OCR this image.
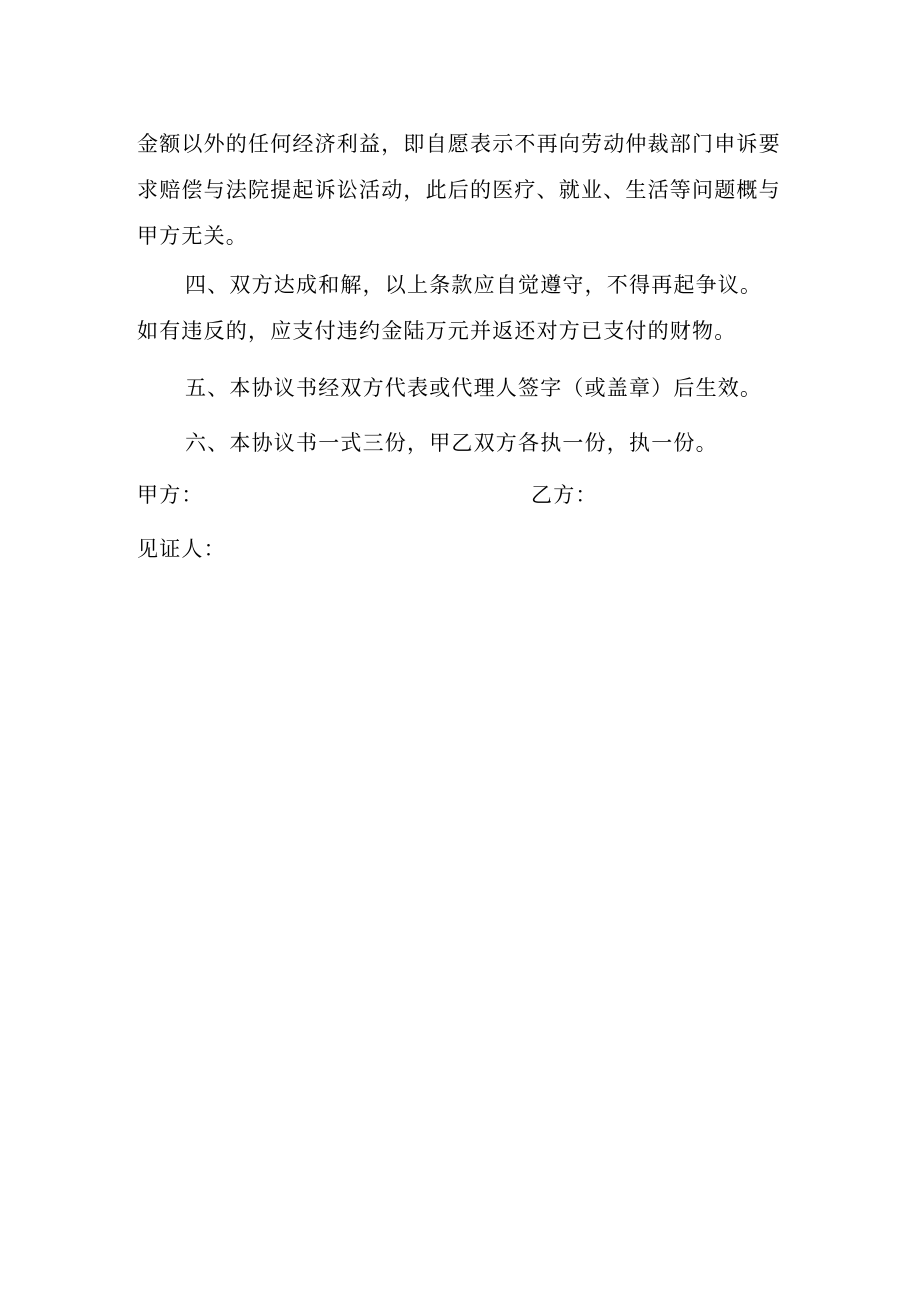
金额以外的任何经济利益，即自愿表示不再向劳动仲裁部门申诉要求赔偿与法院提起诉讼活动，此后的医疗、就业、生活等问题概与甲方无关。
四、双方达成和解，以上条款应自觉遵守，不得再起争议。如有违反的，应支付违约金陆万元并返还对方已支付的财物。
五、本协议书经双方代表或代理人签字（或盖章）后生效。
六、本协议书一式三份，甲乙双方各执一份，执一份。
甲方：	乙方：
见证人：
